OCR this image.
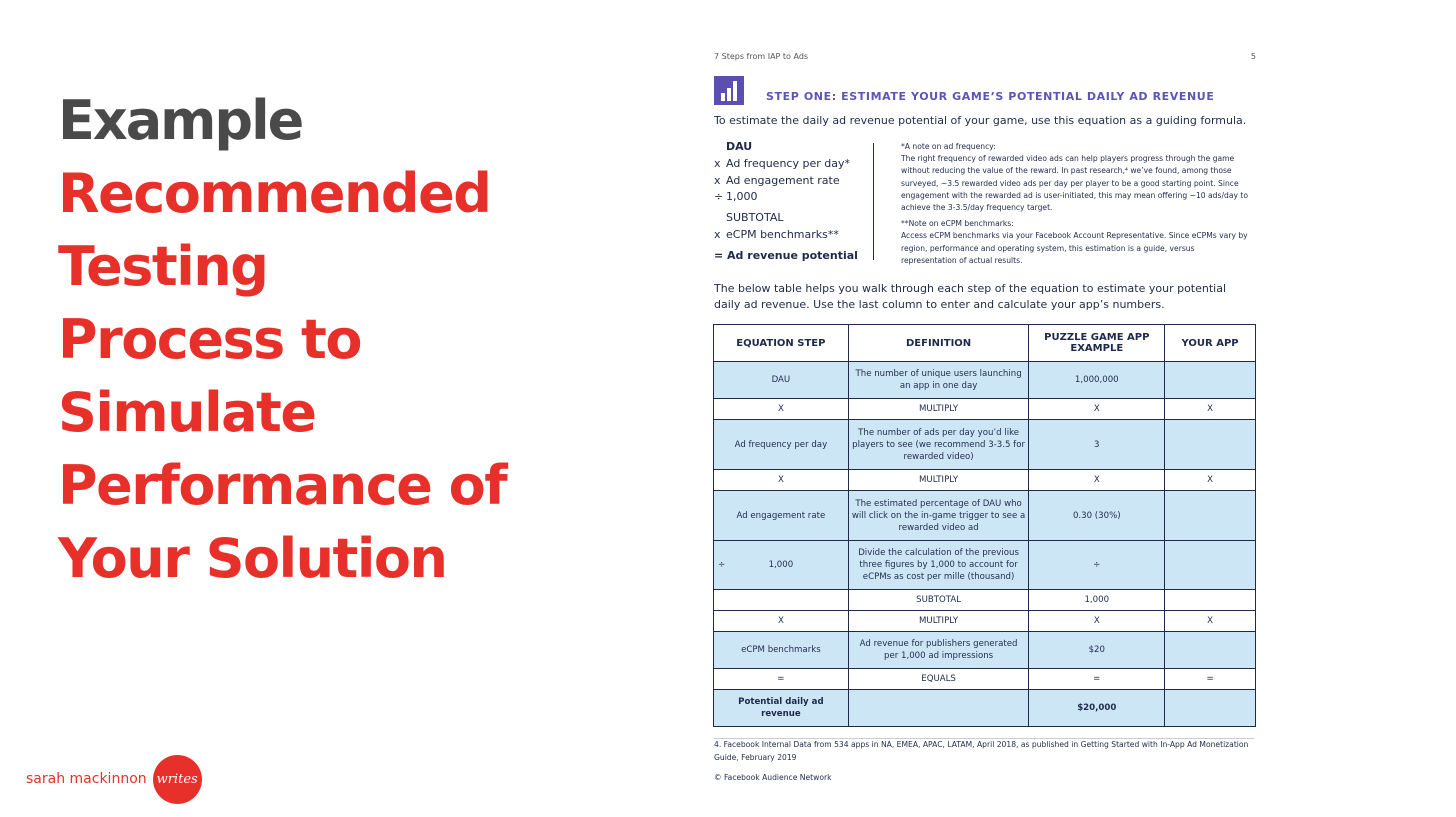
Example
Recommended
Testing
Process to
Simulate
Performance of
Your Solution
sarah mackinnon writes
7 Steps from IAP to Ads	5
STEP ONE: ESTIMATE YOUR GAME’S POTENTIAL DAILY AD REVENUE
To estimate the daily ad revenue potential of your game, use this equation as a guiding formula.
DAU
x Ad frequency per day*
x Ad engagement rate
÷ 1,000
SUBTOTAL
x eCPM benchmarks**
= Ad revenue potential

*A note on ad frequency:

The right frequency of rewarded video ads can help players progress through the game without reducing the value of the reward. In past research,⁴ we’ve found, among those surveyed, ~3.5 rewarded video ads per day per player to be a good starting point. Since engagement with the rewarded ad is user-initiated, this may mean offering ~10 ads/day to achieve the 3-3.5/day frequency target.

**Note on eCPM benchmarks:

Access eCPM benchmarks via your Facebook Account Representative. Since eCPMs vary by region, performance and operating system, this estimation is a guide, versus representation of actual results.

The below table helps you walk through each step of the equation to estimate your potential daily ad revenue. Use the last column to enter and calculate your app’s numbers.
EQUATION STEP	DEFINITION	PUZZLE GAME APP EXAMPLE	YOUR APP
DAU	The number of unique users launching an app in one day	1,000,000	
X	MULTIPLY	X	X
Ad frequency per day	The number of ads per day you’d like players to see (we recommend 3-3.5 for rewarded video)	3	
X	MULTIPLY	X	X
Ad engagement rate	The estimated percentage of DAU who will click on the in-game trigger to see a rewarded video ad	0.30 (30%)	

÷ 1,000	Divide the calculation of the previous three figures by 1,000 to account for eCPMs as cost per mille (thousand)	÷	
	SUBTOTAL	1,000	
X	MULTIPLY	X	X
eCPM benchmarks	Ad revenue for publishers generated per 1,000 ad impressions	$20	
=	EQUALS	=	=
Potential daily ad revenue		$20,000	
4. Facebook Internal Data from 534 apps in NA, EMEA, APAC, LATAM, April 2018, as published in Getting Started with In-App Ad Monetization Guide, February 2019
© Facebook Audience Network
